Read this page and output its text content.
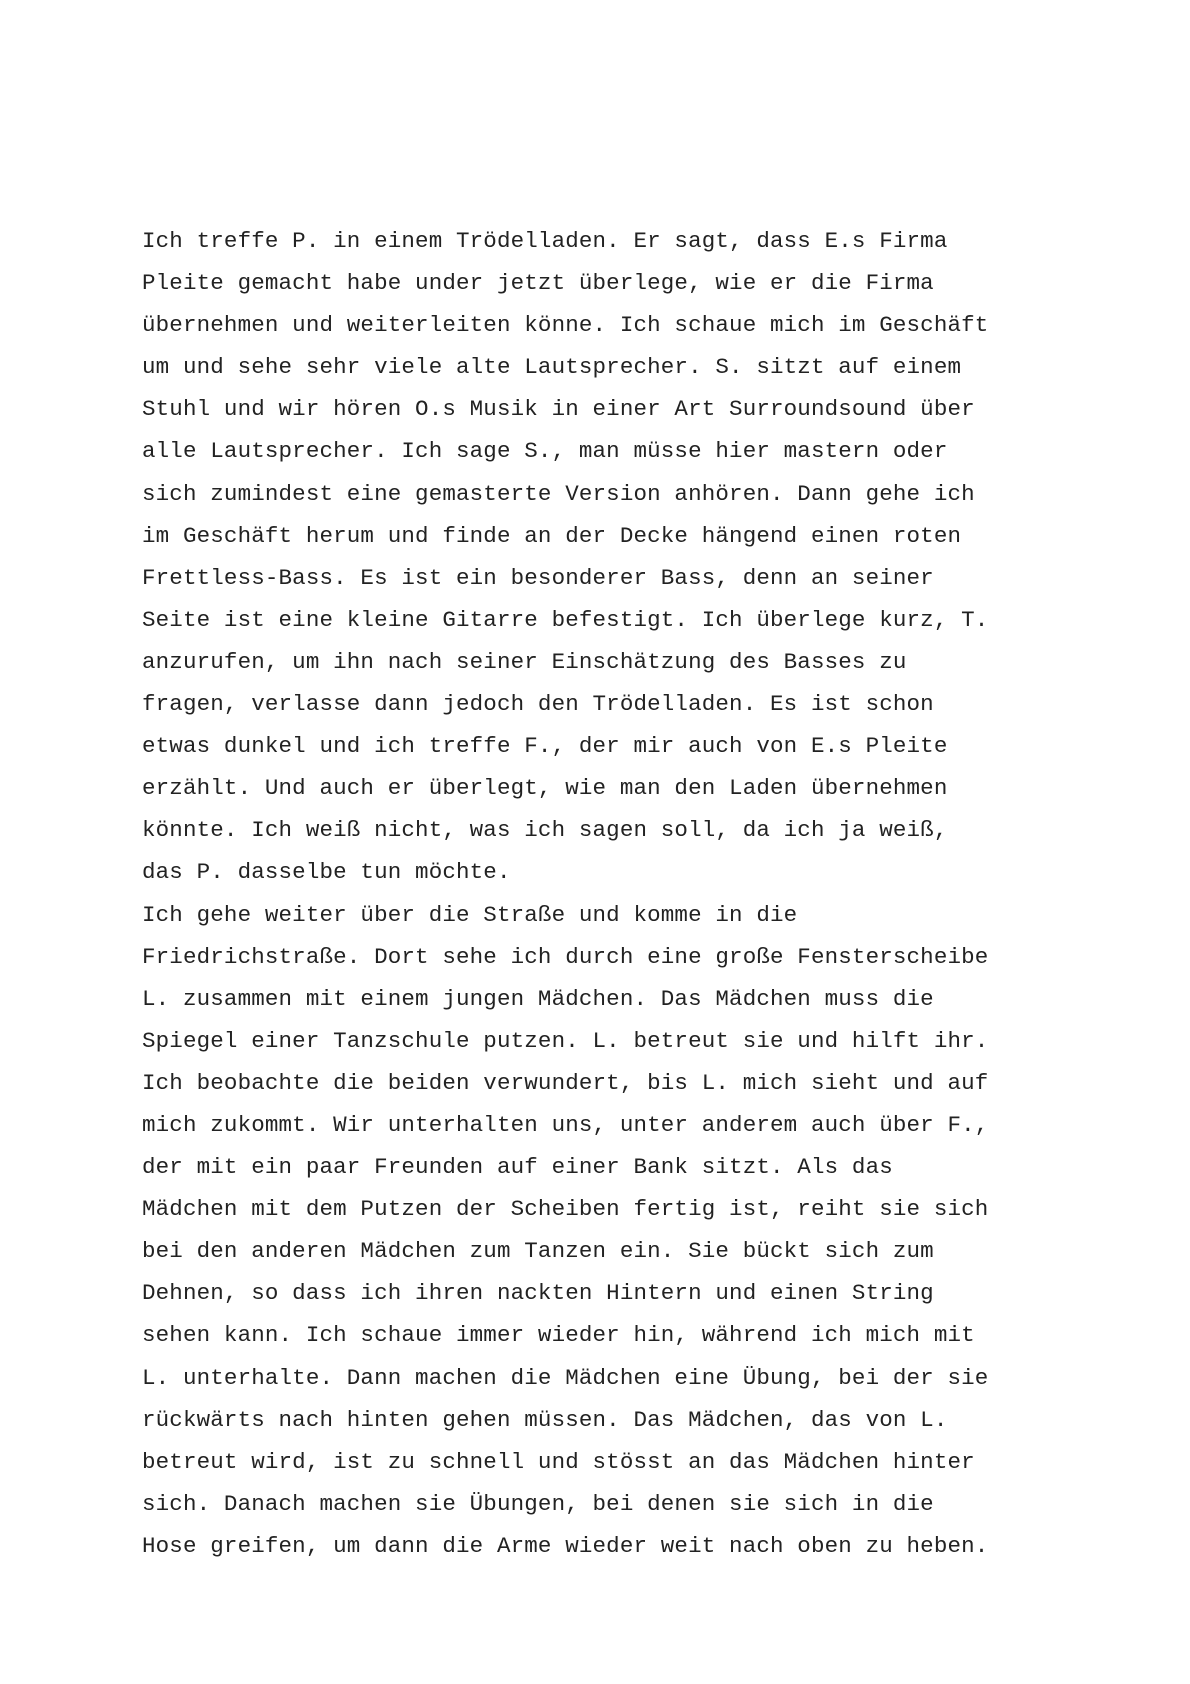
Ich treffe P. in einem Trödelladen. Er sagt, dass E.s Firma
Pleite gemacht habe under jetzt überlege, wie er die Firma
übernehmen und weiterleiten könne. Ich schaue mich im Geschäft
um und sehe sehr viele alte Lautsprecher. S. sitzt auf einem
Stuhl und wir hören O.s Musik in einer Art Surroundsound über
alle Lautsprecher. Ich sage S., man müsse hier mastern oder
sich zumindest eine gemasterte Version anhören. Dann gehe ich
im Geschäft herum und finde an der Decke hängend einen roten
Frettless-Bass. Es ist ein besonderer Bass, denn an seiner
Seite ist eine kleine Gitarre befestigt. Ich überlege kurz, T.
anzurufen, um ihn nach seiner Einschätzung des Basses zu
fragen, verlasse dann jedoch den Trödelladen. Es ist schon
etwas dunkel und ich treffe F., der mir auch von E.s Pleite
erzählt. Und auch er überlegt, wie man den Laden übernehmen
könnte. Ich weiß nicht, was ich sagen soll, da ich ja weiß,
das P. dasselbe tun möchte.
Ich gehe weiter über die Straße und komme in die
Friedrichstraße. Dort sehe ich durch eine große Fensterscheibe
L. zusammen mit einem jungen Mädchen. Das Mädchen muss die
Spiegel einer Tanzschule putzen. L. betreut sie und hilft ihr.
Ich beobachte die beiden verwundert, bis L. mich sieht und auf
mich zukommt. Wir unterhalten uns, unter anderem auch über F.,
der mit ein paar Freunden auf einer Bank sitzt. Als das
Mädchen mit dem Putzen der Scheiben fertig ist, reiht sie sich
bei den anderen Mädchen zum Tanzen ein. Sie bückt sich zum
Dehnen, so dass ich ihren nackten Hintern und einen String
sehen kann. Ich schaue immer wieder hin, während ich mich mit
L. unterhalte. Dann machen die Mädchen eine Übung, bei der sie
rückwärts nach hinten gehen müssen. Das Mädchen, das von L.
betreut wird, ist zu schnell und stösst an das Mädchen hinter
sich. Danach machen sie Übungen, bei denen sie sich in die
Hose greifen, um dann die Arme wieder weit nach oben zu heben.
